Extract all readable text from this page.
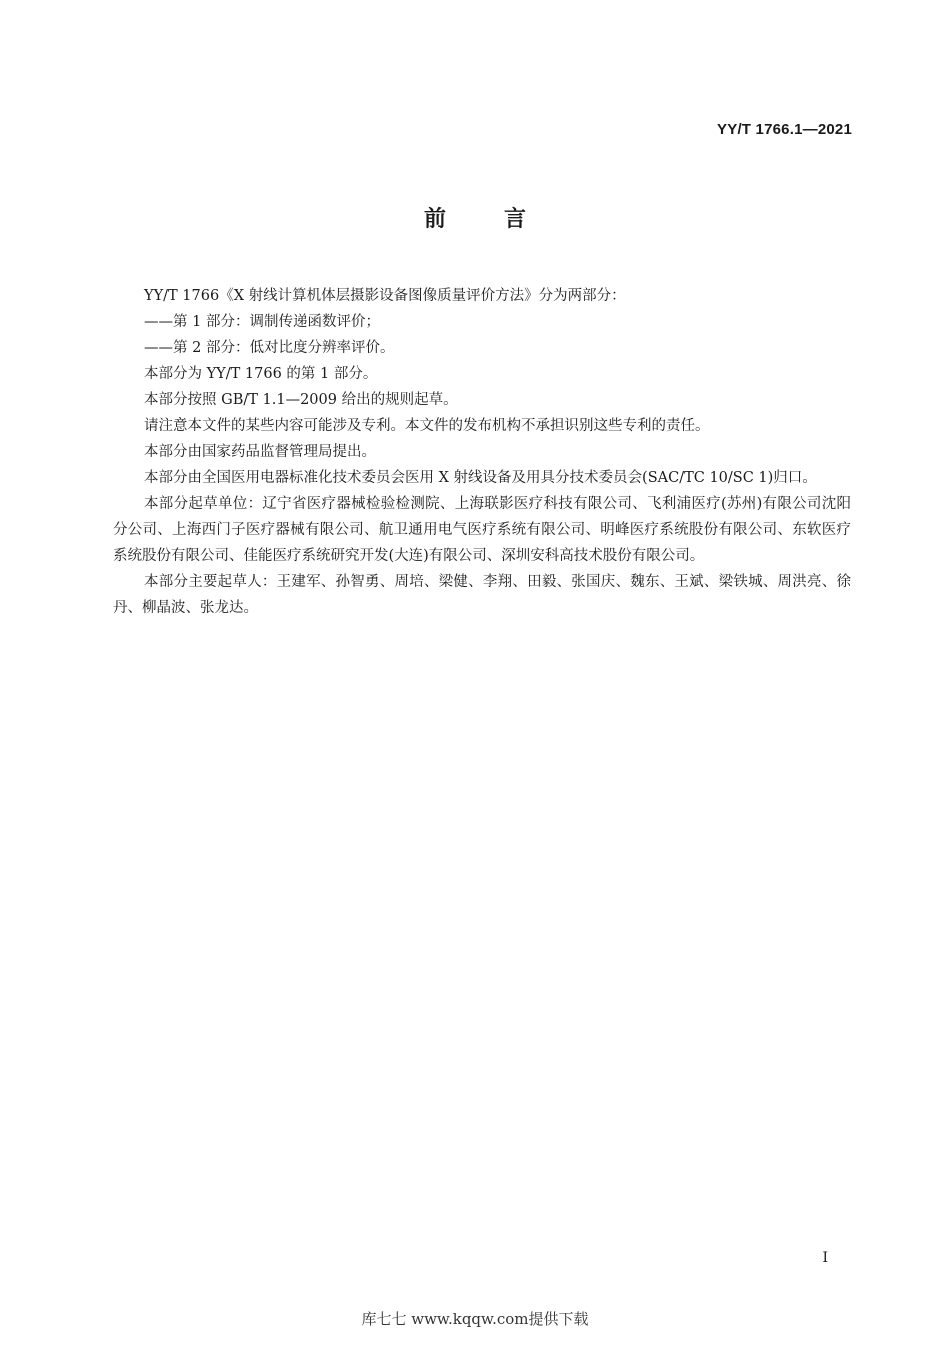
YY/T 1766.1—2021
前言

YY/T 1766《X 射线计算机体层摄影设备图像质量评价方法》分为两部分：

——第 1 部分：调制传递函数评价；

——第 2 部分：低对比度分辨率评价。

本部分为 YY/T 1766 的第 1 部分。

本部分按照 GB/T 1.1—2009 给出的规则起草。

请注意本文件的某些内容可能涉及专利。本文件的发布机构不承担识别这些专利的责任。

本部分由国家药品监督管理局提出。

本部分由全国医用电器标准化技术委员会医用 X 射线设备及用具分技术委员会(SAC/TC 10/SC 1)归口。

本部分起草单位：辽宁省医疗器械检验检测院、上海联影医疗科技有限公司、飞利浦医疗(苏州)有限公司沈阳分公司、上海西门子医疗器械有限公司、航卫通用电气医疗系统有限公司、明峰医疗系统股份有限公司、东软医疗系统股份有限公司、佳能医疗系统研究开发(大连)有限公司、深圳安科高技术股份有限公司。

本部分主要起草人：王建军、孙智勇、周培、梁健、李翔、田毅、张国庆、魏东、王斌、梁铁城、周洪亮、徐丹、柳晶波、张龙达。

I
库七七 www.kqqw.com提供下载
